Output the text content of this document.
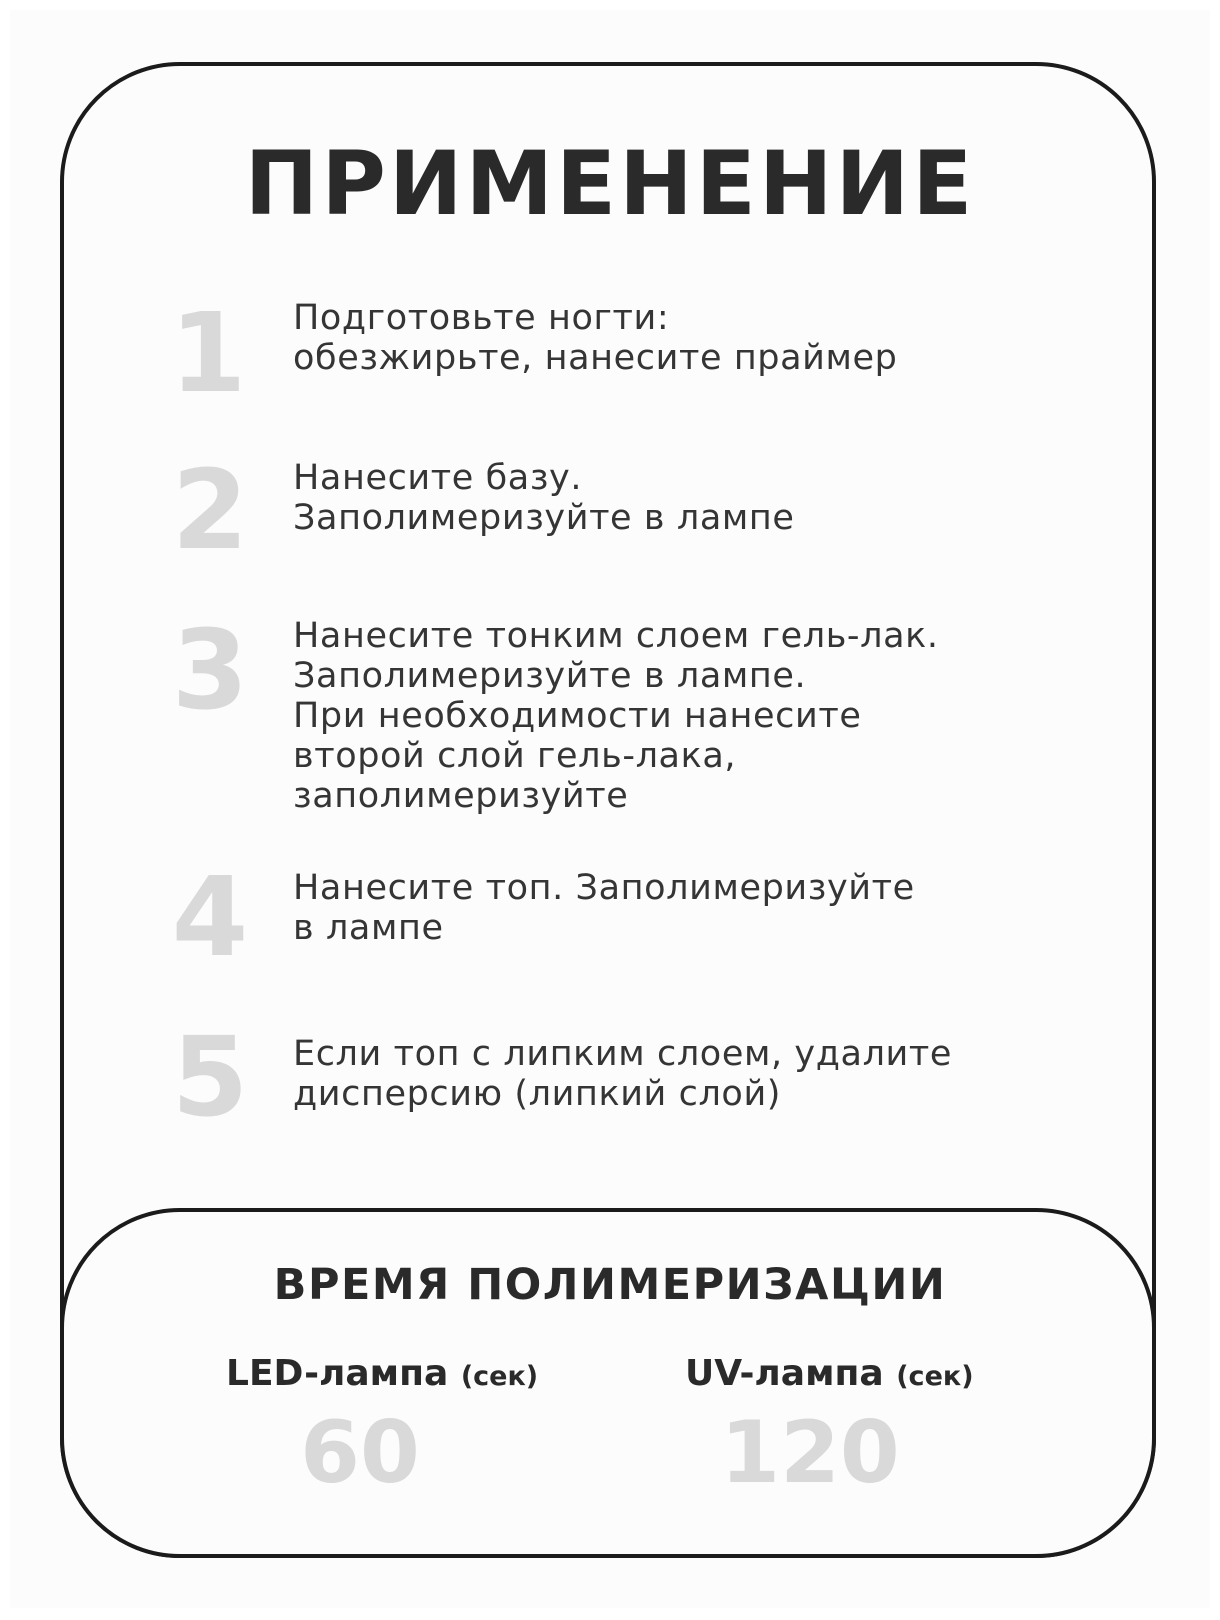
ПРИМЕНЕНИЕ
1	Подготовьте ногти:
обезжирьте, нанесите праймер
2	Нанесите базу.
Заполимеризуйте в лампе
3	Нанесите тонким слоем гель-лак.
Заполимеризуйте в лампе.
При необходимости нанесите
второй слой гель-лака,
заполимеризуйте
4	Нанесите топ. Заполимеризуйте
в лампе
5	Если топ с липким слоем, удалите
дисперсию (липкий слой)
ВРЕМЯ ПОЛИМЕРИЗАЦИИ
LED-лампа (сек)
60
UV-лампа (сек)
120
